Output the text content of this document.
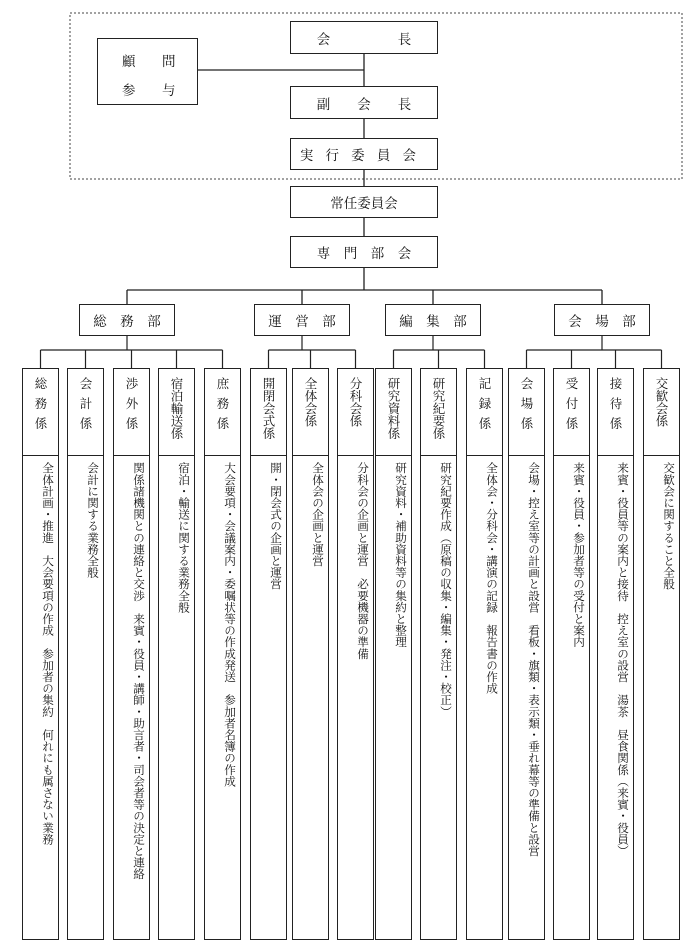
会　　　　　長
顧 問
参 与
副　　会　　長
実行委員会
常任委員会
専　門　部　会
総　務　部	運　営　部	編　集　部	会　場　部
総務係
全体計画・推進　大会要項の作成　参加者の集約　何れにも属さない業務
会計係
会計に関する業務全般
渉外係
関係諸機関との連絡と交渉　来賓・役員・講師・助言者・司会者等の決定と連絡
宿泊輸送係
宿泊・輸送に関する業務全般
庶務係
大会要項・会議案内・委嘱状等の作成発送　参加者名簿の作成
開閉会式係
開・閉会式の企画と運営
全体会係
全体会の企画と運営
分科会係
分科会の企画と運営　必要機器の準備
研究資料係
研究資料・補助資料等の集約と整理
研究紀要係
研究紀要作成（原稿の収集・編集・発注・校正）
記録係
全体会・分科会・講演の記録　報告書の作成
会場係
会場・控え室等の計画と設営　看板・旗類・表示類・垂れ幕等の準備と設営
受付係
来賓・役員・参加者等の受付と案内
接待係
来賓・役員等の案内と接待　控え室の設営　湯茶　昼食関係（来賓・役員）
交歓会係
交歓会に関すること全般
